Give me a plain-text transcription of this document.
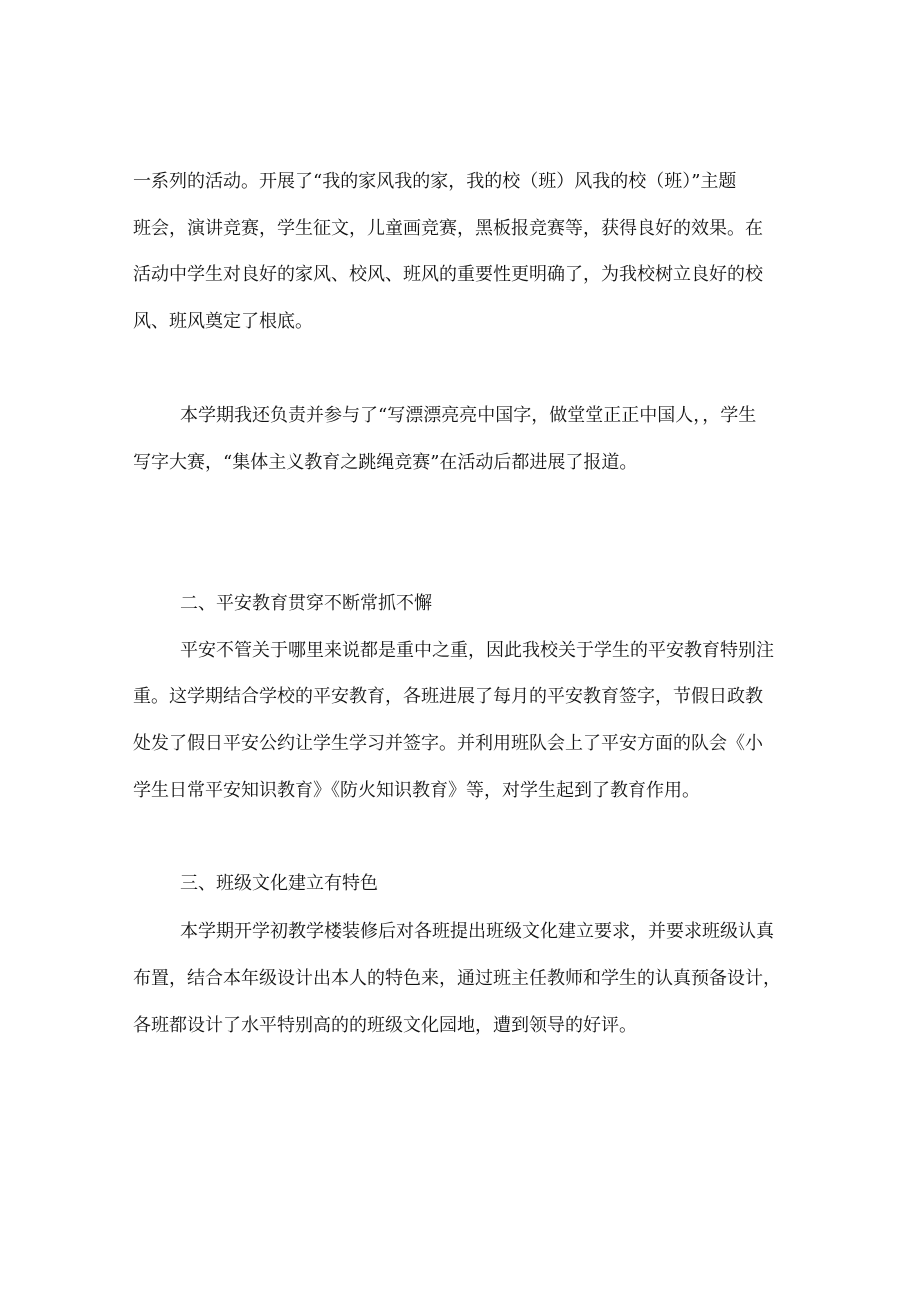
一系列的活动。开展了“我的家风我的家，我的校（班）风我的校（班）”主题

班会，演讲竞赛，学生征文，儿童画竞赛，黑板报竞赛等，获得良好的效果。在

活动中学生对良好的家风、校风、班风的重要性更明确了，为我校树立良好的校

风、班风奠定了根底。

本学期我还负责并参与了“写漂漂亮亮中国字，做堂堂正正中国人，，学生

写字大赛，“集体主义教育之跳绳竞赛”在活动后都进展了报道。

二、平安教育贯穿不断常抓不懈

平安不管关于哪里来说都是重中之重，因此我校关于学生的平安教育特别注

重。这学期结合学校的平安教育，各班进展了每月的平安教育签字，节假日政教

处发了假日平安公约让学生学习并签字。并利用班队会上了平安方面的队会《小

学生日常平安知识教育》《防火知识教育》等，对学生起到了教育作用。

三、班级文化建立有特色

本学期开学初教学楼装修后对各班提出班级文化建立要求，并要求班级认真

布置，结合本年级设计出本人的特色来，通过班主任教师和学生的认真预备设计，

各班都设计了水平特别高的的班级文化园地，遭到领导的好评。
